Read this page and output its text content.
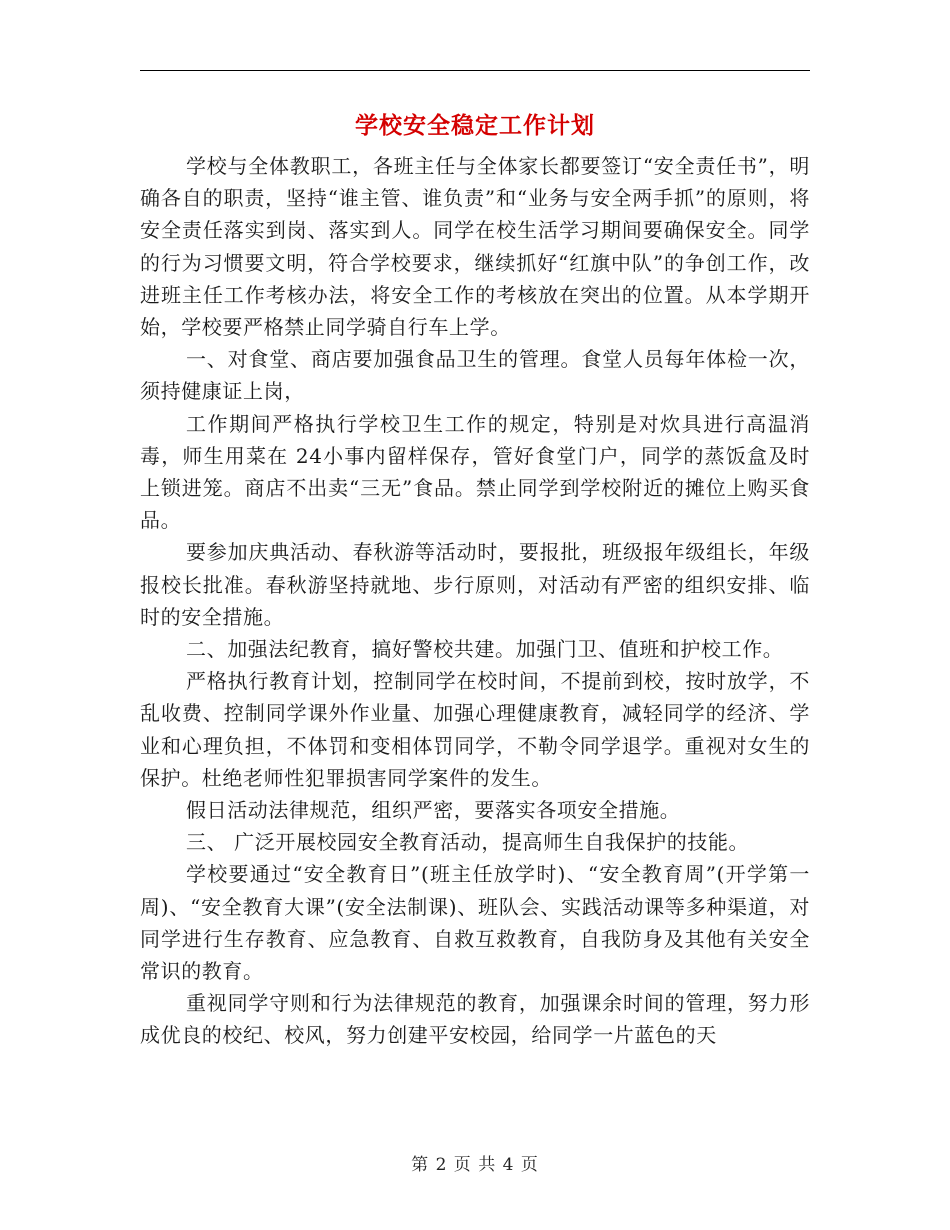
学校安全稳定工作计划

学校与全体教职工，各班主任与全体家长都要签订“安全责任书”，明确各自的职责，坚持“谁主管、谁负责”和“业务与安全两手抓”的原则，将安全责任落实到岗、落实到人。同学在校生活学习期间要确保安全。同学的行为习惯要文明，符合学校要求，继续抓好“红旗中队”的争创工作，改进班主任工作考核办法，将安全工作的考核放在突出的位置。从本学期开始，学校要严格禁止同学骑自行车上学。

一、对食堂、商店要加强食品卫生的管理。食堂人员每年体检一次，须持健康证上岗，

工作期间严格执行学校卫生工作的规定，特别是对炊具进行高温消毒，师生用菜在 24小事内留样保存，管好食堂门户，同学的蒸饭盒及时上锁进笼。商店不出卖“三无”食品。禁止同学到学校附近的摊位上购买食品。

要参加庆典活动、春秋游等活动时，要报批，班级报年级组长，年级报校长批准。春秋游坚持就地、步行原则，对活动有严密的组织安排、临时的安全措施。

二、加强法纪教育，搞好警校共建。加强门卫、值班和护校工作。

严格执行教育计划，控制同学在校时间，不提前到校，按时放学，不乱收费、控制同学课外作业量、加强心理健康教育，减轻同学的经济、学业和心理负担，不体罚和变相体罚同学，不勒令同学退学。重视对女生的保护。杜绝老师性犯罪损害同学案件的发生。

假日活动法律规范，组织严密，要落实各项安全措施。

三、 广泛开展校园安全教育活动，提高师生自我保护的技能。

学校要通过“安全教育日”(班主任放学时)、“安全教育周”(开学第一周)、“安全教育大课”(安全法制课)、班队会、实践活动课等多种渠道，对同学进行生存教育、应急教育、自救互救教育，自我防身及其他有关安全常识的教育。

重视同学守则和行为法律规范的教育，加强课余时间的管理，努力形成优良的校纪、校风，努力创建平安校园，给同学一片蓝色的天

第 2 页 共 4 页
